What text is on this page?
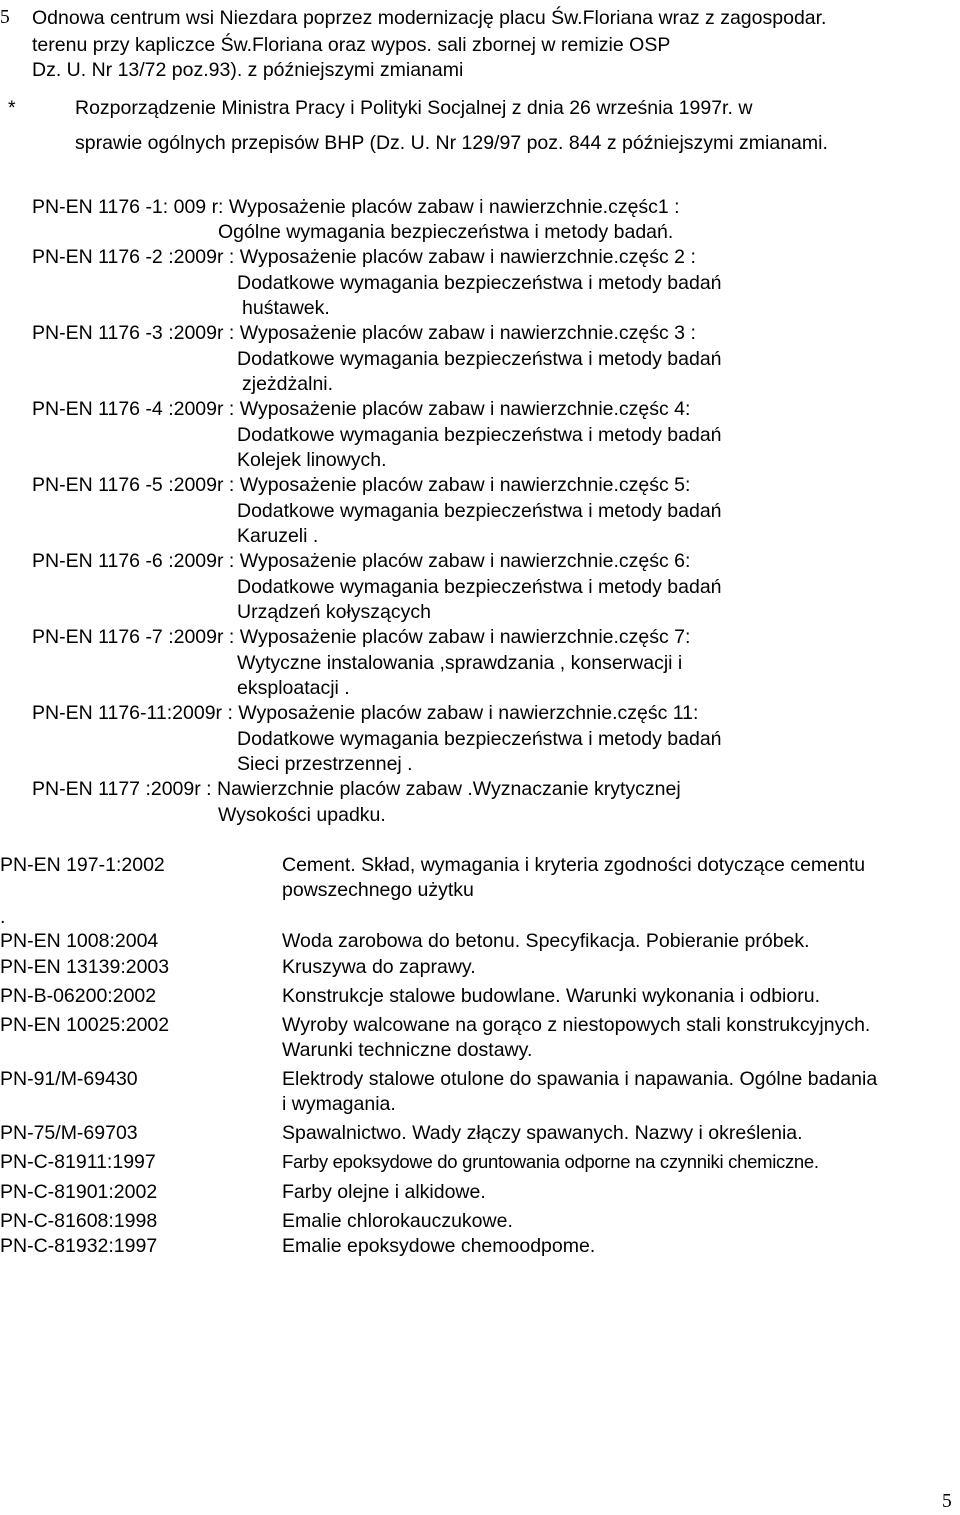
5 Odnowa centrum wsi Niezdara poprzez modernizację placu Św.Floriana wraz z zagospodar.
terenu przy kapliczce Św.Floriana oraz wypos. sali zborne​j w remizie OSP
Dz. U. Nr 13/72 poz.93). z późniejszymi zmianami
*	Rozporządzenie Ministra Pracy i Polityki Socjalnej z dnia 26 września 1997r. w
sprawie ogólnych przepisów BHP (Dz. U. Nr 129/97 poz. 844 z późniejszymi zmianami.
PN-EN 1176 -1: 009 r: Wyposażenie placów zabaw i nawierzchnie.częśc1 :
Ogólne wymagania bezpieczeństwa i metody badań.
PN-EN 1176 -2 :2009r : Wyposażenie placów zabaw i nawierzchnie.częśc 2 :
Dodatkowe wymagania bezpieczeństwa i metody badań
huśtawek.
PN-EN 1176 -3 :2009r : Wyposażenie placów zabaw i nawierzchnie.częśc 3 :
Dodatkowe wymagania bezpieczeństwa i metody badań
zjeżdżalni.
PN-EN 1176 -4 :2009r : Wyposażenie placów zabaw i nawierzchnie.częśc 4:
Dodatkowe wymagania bezpieczeństwa i metody badań
Kolejek linowych.
PN-EN 1176 -5 :2009r : Wyposażenie placów zabaw i nawierzchnie.częśc 5:
Dodatkowe wymagania bezpieczeństwa i metody badań
Karuzeli .
PN-EN 1176 -6 :2009r : Wyposażenie placów zabaw i nawierzchnie.częśc 6:
Dodatkowe wymagania bezpieczeństwa i metody badań
Urządzeń kołyszących
PN-EN 1176 -7 :2009r : Wyposażenie placów zabaw i nawierzchnie.częśc 7:
Wytyczne instalowania ,sprawdzania , konserwacji i
eksploatacji .
PN-EN 1176-11:2009r : Wyposażenie placów zabaw i nawierzchnie.częśc 11:
Dodatkowe wymagania bezpieczeństwa i metody badań
Sieci przestrzennej .
PN-EN 1177 :2009r : Nawierzchnie placów zabaw .Wyznaczanie krytycznej
Wysokości upadku.
PN-EN 197-1:2002
.
PN-EN 1008:2004
PN-EN 13139:2003
PN-B-06200:2002
PN-EN 10025:2002
PN-91/M-69430
PN-75/M-69703
PN-C-81911:1997
PN-C-81901:2002
PN-C-81608:1998
PN-C-81932:1997
Cement. Skład, wymagania i kryteria zgodności dotyczące cementu
powszechnego użytku
Woda zarobowa do betonu. Specyfikacja. Pobieranie próbek.
Kruszywa do zaprawy.
Konstrukcje stalowe budowlane. Warunki wykonania i odbioru.
Wyroby walcowane na gorąco z niestopowych stali konstrukcyjnych.
Warunki techniczne dostawy.
Elektrody stalowe otulone do spawania i napawania. Ogólne badania
i wymagania.
Spawalnictwo. Wady złączy spawanych. Nazwy i określenia.
Farby epoksydowe do gruntowania odporne na czynniki chemiczne.
Farby olejne i alkidowe.
Emalie chlorokauczukowe.
Emalie epoksydowe chemoodpome.
5
